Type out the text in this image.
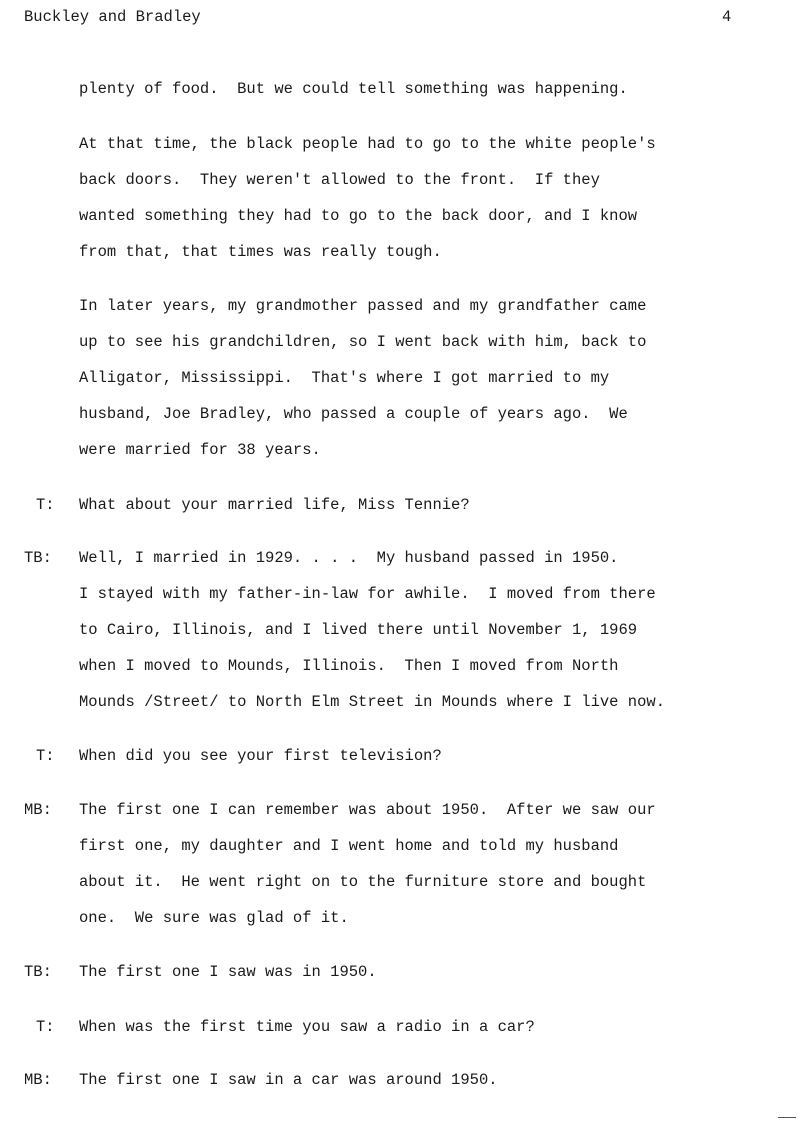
Buckley and Bradley	4
plenty of food.  But we could tell something was happening.
At that time, the black people had to go to the white people's
back doors.  They weren't allowed to the front.  If they
wanted something they had to go to the back door, and I know
from that, that times was really tough.
In later years, my grandmother passed and my grandfather came
up to see his grandchildren, so I went back with him, back to
Alligator, Mississippi.  That's where I got married to my
husband, Joe Bradley, who passed a couple of years ago.  We
were married for 38 years.
T: What about your married life, Miss Tennie?
TB: Well, I married in 1929. . . .  My husband passed in 1950.
I stayed with my father-in-law for awhile.  I moved from there
to Cairo, Illinois, and I lived there until November 1, 1969
when I moved to Mounds, Illinois.  Then I moved from North
Mounds /Street/ to North Elm Street in Mounds where I live now.
T: When did you see your first television?
MB: The first one I can remember was about 1950.  After we saw our
first one, my daughter and I went home and told my husband
about it.  He went right on to the furniture store and bought
one.  We sure was glad of it.
TB: The first one I saw was in 1950.
T: When was the first time you saw a radio in a car?
MB: The first one I saw in a car was around 1950.
